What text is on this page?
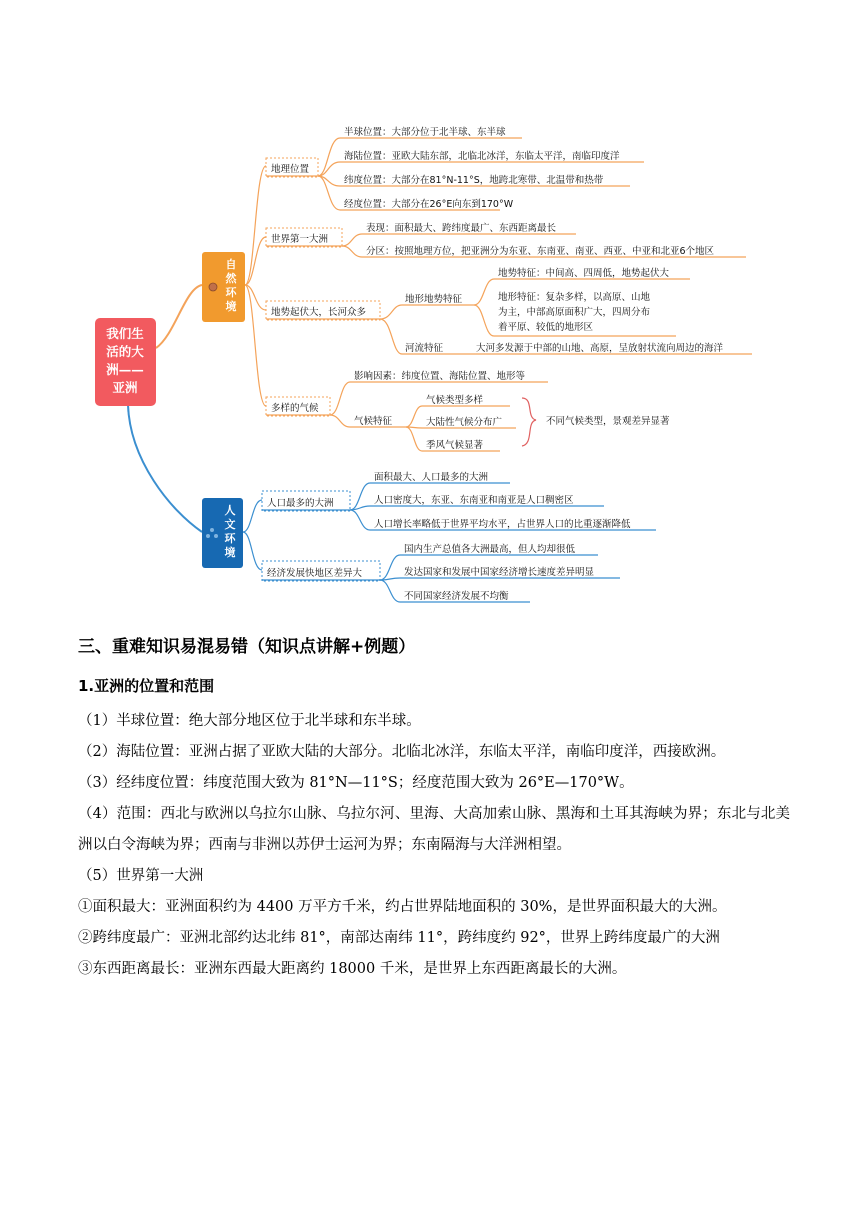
我们生
活的大
洲——
亚洲
自
然
环
境
人
文
环
境
地理位置
世界第一大洲
地势起伏大，长河众多
多样的气候
人口最多的大洲
经济发展快地区差异大
半球位置：大部分位于北半球、东半球
海陆位置：亚欧大陆东部，北临北冰洋，东临太平洋，南临印度洋
纬度位置：大部分在81°N-11°S，地跨北寒带、北温带和热带
经度位置：大部分在26°E向东到170°W
表现：面积最大、跨纬度最广、东西距离最长
分区：按照地理方位，把亚洲分为东亚、东南亚、南亚、西亚、中亚和北亚6个地区
地形地势特征
地势特征：中间高、四周低，地势起伏大
地形特征：复杂多样，以高原、山地
为主，中部高原面积广大，四周分布
着平原、较低的地形区
河流特征	大河多发源于中部的山地、高原，呈放射状流向周边的海洋
影响因素：纬度位置、海陆位置、地形等
气候特征
气候类型多样
大陆性气候分布广
季风气候显著
不同气候类型，景观差异显著
面积最大、人口最多的大洲
人口密度大，东亚、东南亚和南亚是人口稠密区
人口增长率略低于世界平均水平，占世界人口的比重逐渐降低
国内生产总值各大洲最高，但人均却很低
发达国家和发展中国家经济增长速度差异明显
不同国家经济发展不均衡
三、重难知识易混易错（知识点讲解+例题）
1.亚洲的位置和范围

（1）半球位置：绝大部分地区位于北半球和东半球。

（2）海陆位置：亚洲占据了亚欧大陆的大部分。北临北冰洋，东临太平洋，南临印度洋，西接欧洲。

（3）经纬度位置：纬度范围大致为 81°N—11°S；经度范围大致为 26°E—170°W。

（4）范围：西北与欧洲以乌拉尔山脉、乌拉尔河、里海、大高加索山脉、黑海和土耳其海峡为界；东北与北美洲以白令海峡为界；西南与非洲以苏伊士运河为界；东南隔海与大洋洲相望。

（5）世界第一大洲

①面积最大：亚洲面积约为 4400 万平方千米，约占世界陆地面积的 30%，是世界面积最大的大洲。

②跨纬度最广：亚洲北部约达北纬 81°，南部达南纬 11°，跨纬度约 92°，世界上跨纬度最广的大洲

③东西距离最长：亚洲东西最大距离约 18000 千米，是世界上东西距离最长的大洲。
